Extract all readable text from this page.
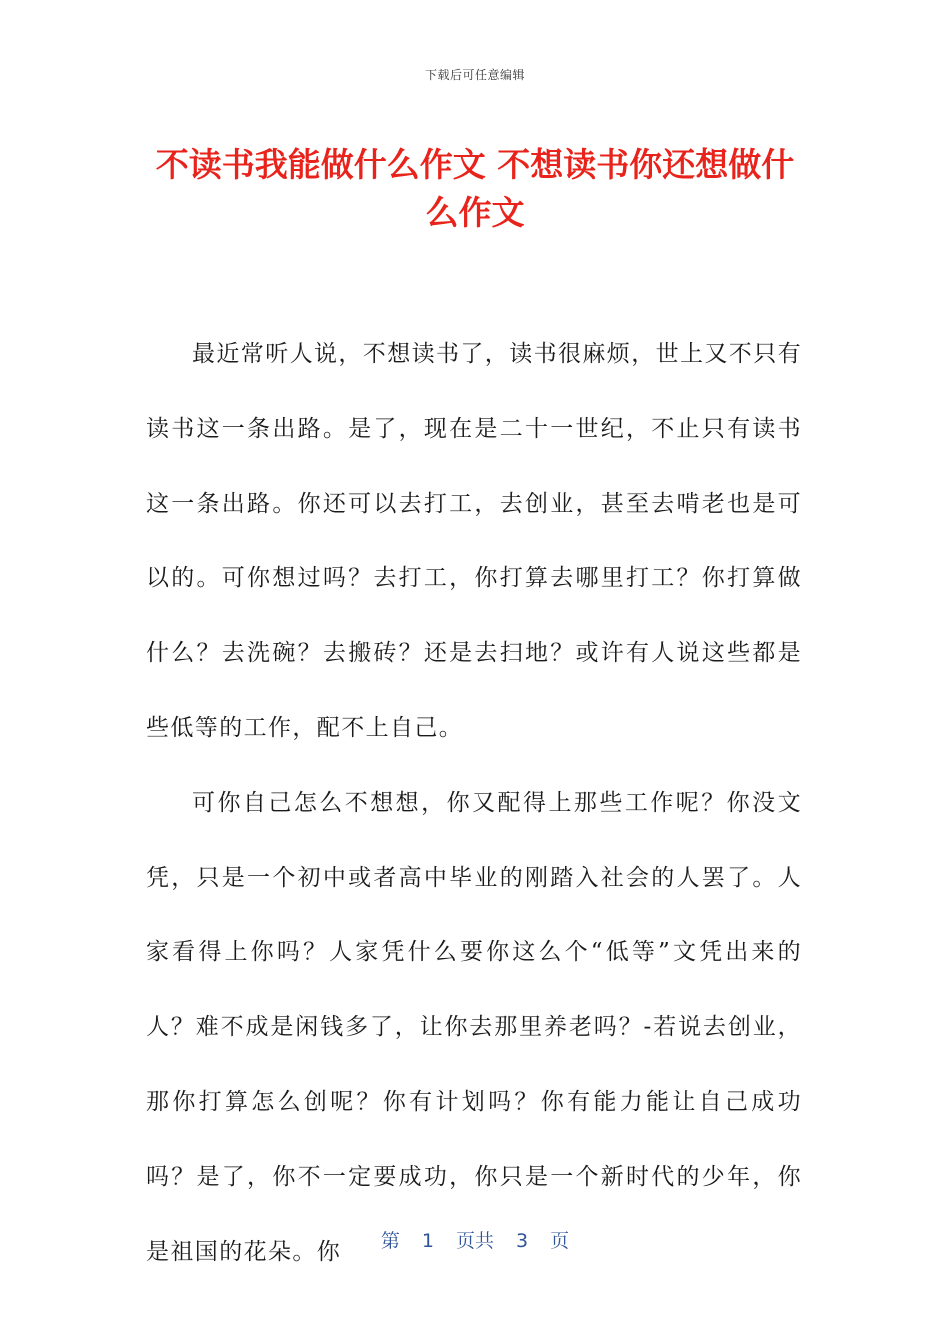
下载后可任意编辑
不读书我能做什么作文 不想读书你还想做什么作文

最近常听人说，不想读书了，读书很麻烦，世上又不只有读书这一条出路。是了，现在是二十一世纪，不止只有读书这一条出路。你还可以去打工，去创业，甚至去啃老也是可以的。可你想过吗？去打工，你打算去哪里打工？你打算做什么？去洗碗？去搬砖？还是去扫地？或许有人说这些都是些低等的工作，配不上自己。

可你自己怎么不想想，你又配得上那些工作呢？你没文凭，只是一个初中或者高中毕业的刚踏入社会的人罢了。人家看得上你吗？人家凭什么要你这么个“低等”文凭出来的人？难不成是闲钱多了，让你去那里养老吗？-若说去创业，那你打算怎么创呢？你有计划吗？你有能力能让自己成功吗？是了，你不一定要成功，你只是一个新时代的少年，你是祖国的花朵。你	第 1 页共 3 页
